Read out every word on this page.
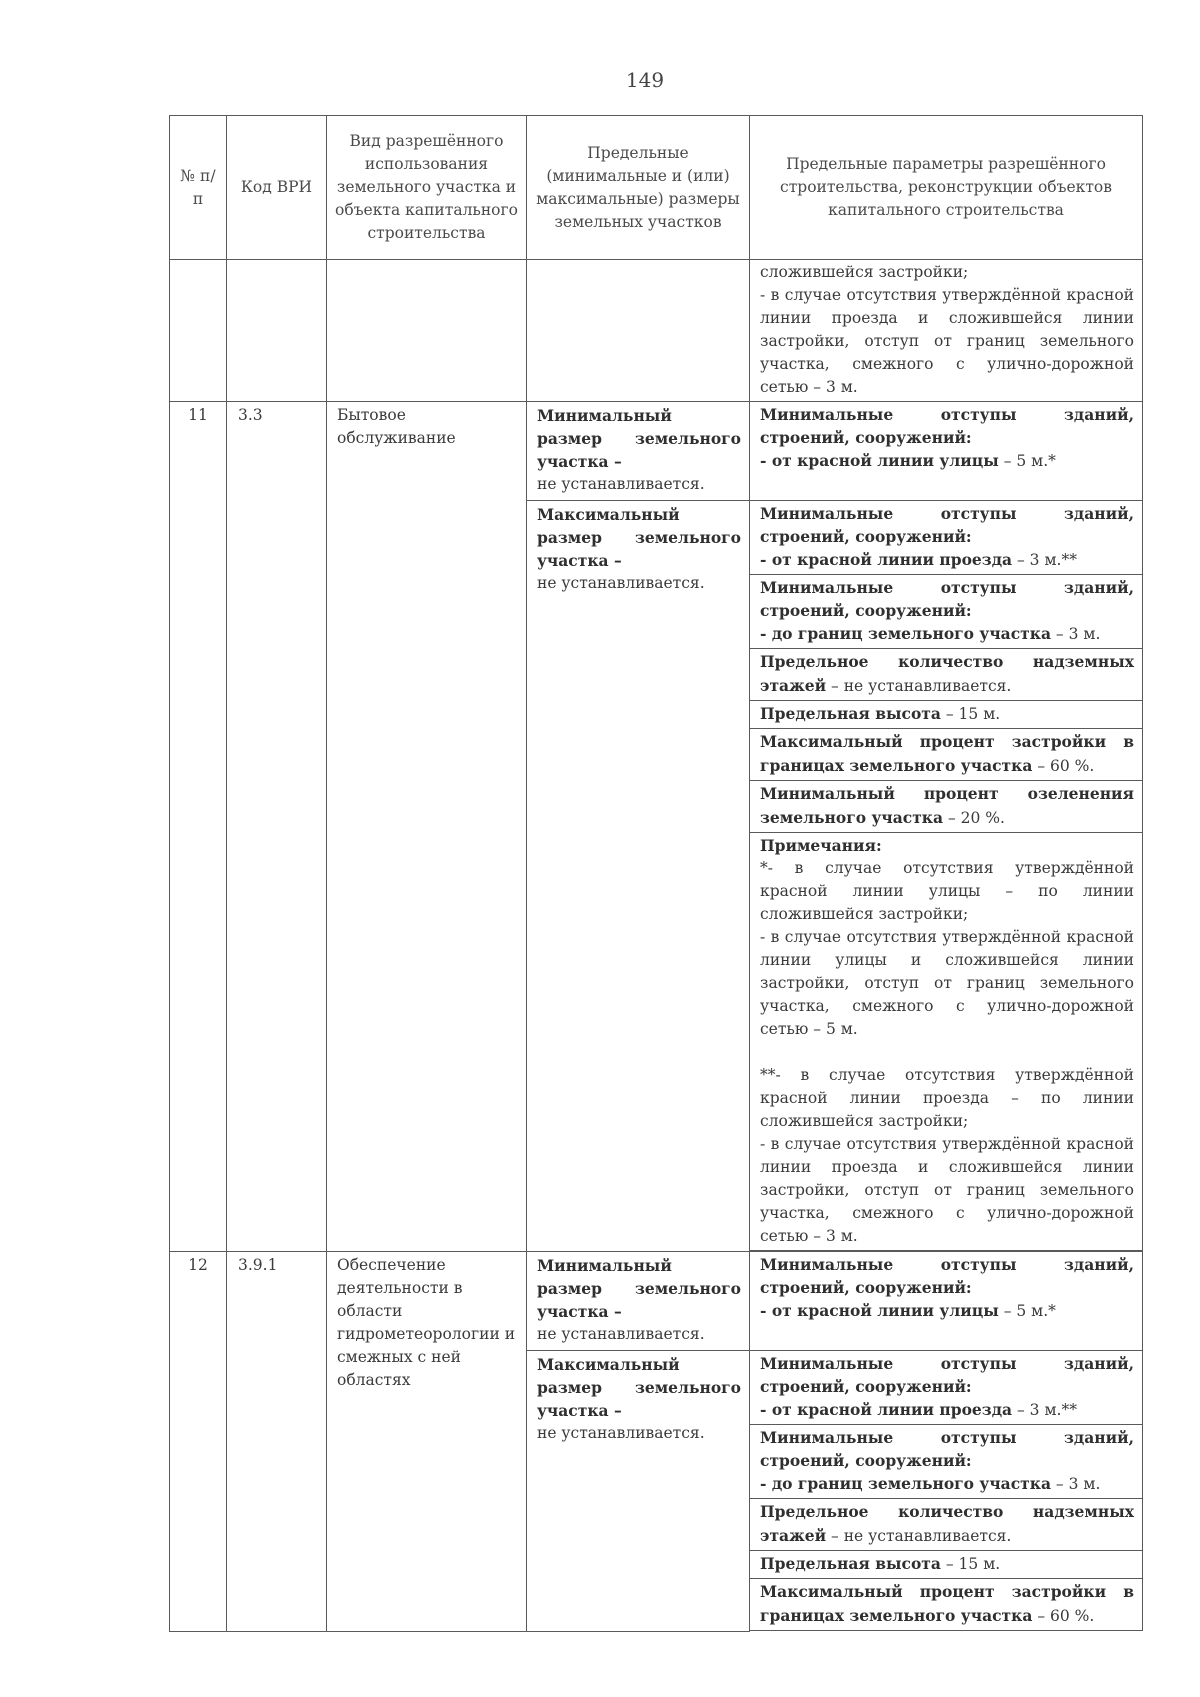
149
№ п/п	Код ВРИ	Вид разрешённого использования земельного участка и объекта капитального строительства	Предельные (минимальные и (или) максимальные) размеры земельных участков	Предельные параметры разрешённого строительства, реконструкции объектов капитального строительства

				сложившейся застройки;
- в случае отсутствия утверждённой красной линии проезда и сложившейся линии застройки, отступ от границ земельного участка, смежного с улично-дорожной сетью – 3 м.

11	3.3	Бытовое обслуживание	Минимальный размер земельного участка –
не устанавливается.	Минимальные отступы зданий, строений, сооружений:
- от красной линии улицы – 5 м.*

			Максимальный размер земельного участка –
не устанавливается.	Минимальные отступы зданий, строений, сооружений:
- от красной линии проезда – 3 м.**

				Минимальные отступы зданий, строений, сооружений:
- до границ земельного участка – 3 м.
				Предельное количество надземных этажей – не устанавливается.
				Предельная высота – 15 м.
				Максимальный процент застройки в границах земельного участка – 60 %.
				Минимальный процент озеленения земельного участка – 20 %.

				Примечания:
*- в случае отсутствия утверждённой красной линии улицы – по линии сложившейся застройки;
- в случае отсутствия утверждённой красной линии улицы и сложившейся линии застройки, отступ от границ земельного участка, смежного с улично-дорожной сетью – 5 м.
**- в случае отсутствия утверждённой красной линии проезда – по линии сложившейся застройки;
- в случае отсутствия утверждённой красной линии проезда и сложившейся линии застройки, отступ от границ земельного участка, смежного с улично-дорожной сетью – 3 м.

12	3.9.1	Обеспечение деятельности в области гидрометеорологии и смежных с ней областях	Минимальный размер земельного участка –
не устанавливается.	Минимальные отступы зданий, строений, сооружений:
- от красной линии улицы – 5 м.*

			Максимальный размер земельного участка –
не устанавливается.	Минимальные отступы зданий, строений, сооружений:
- от красной линии проезда – 3 м.**

				Минимальные отступы зданий, строений, сооружений:
- до границ земельного участка – 3 м.
				Предельное количество надземных этажей – не устанавливается.
				Предельная высота – 15 м.
				Максимальный процент застройки в границах земельного участка – 60 %.
